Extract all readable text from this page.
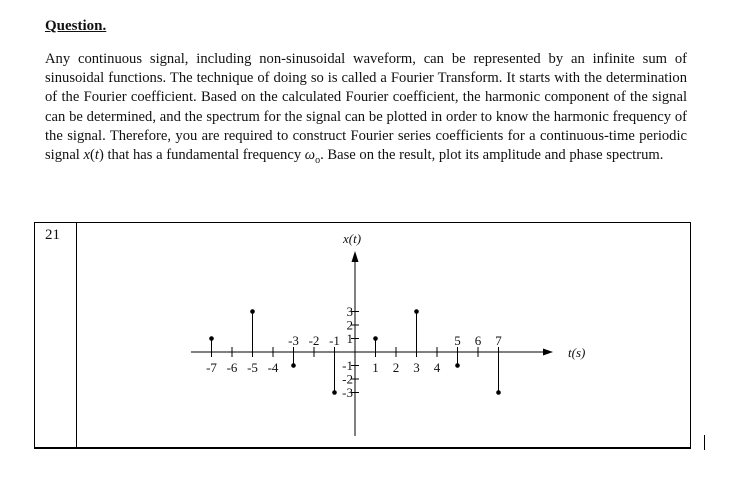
Question.
Any continuous signal, including non-sinusoidal waveform, can be represented by an infinite sum of sinusoidal functions. The technique of doing so is called a Fourier Transform. It starts with the determination of the Fourier coefficient. Based on the calculated Fourier coefficient, the harmonic component of the signal can be determined, and the spectrum for the signal can be plotted in order to know the harmonic frequency of the signal. Therefore, you are required to construct Fourier series coefficients for a continuous-time periodic signal x(t) that has a fundamental frequency $\omega_o$. Base on the result, plot its amplitude and phase spectrum.
21	x(t)
t(s)
-7 -6 -5 -4
-3 -2 -1
1 2 3 4
5 6 7
-3
-2
-1
1
2
3
